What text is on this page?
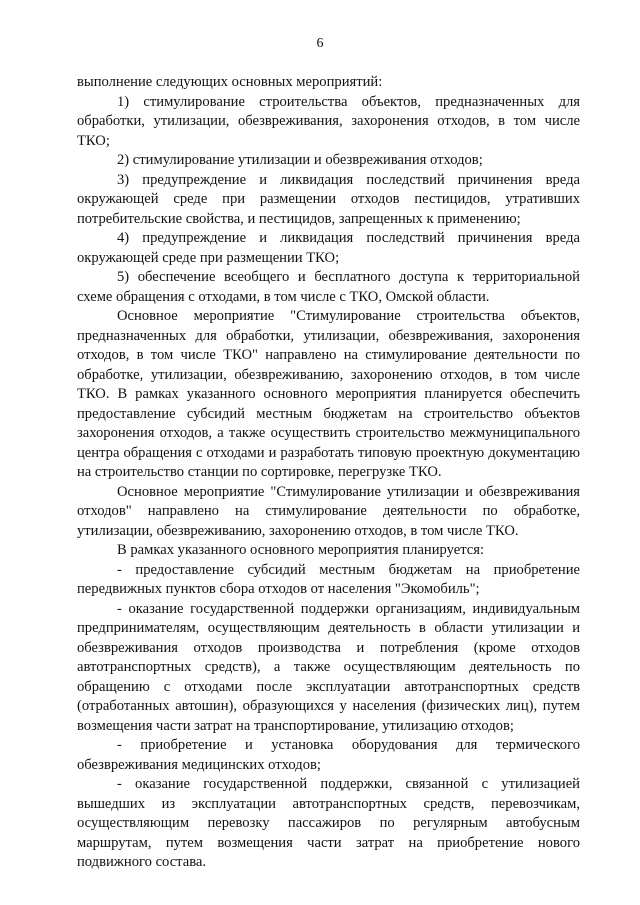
6

выполнение следующих основных мероприятий:

1) стимулирование строительства объектов, предназначенных для обработки, утилизации, обезвреживания, захоронения отходов, в том числе ТКО;

2) стимулирование утилизации и обезвреживания отходов;

3) предупреждение и ликвидация последствий причинения вреда окружающей среде при размещении отходов пестицидов, утративших потребительские свойства, и пестицидов, запрещенных к применению;

4) предупреждение и ликвидация последствий причинения вреда окружающей среде при размещении ТКО;

5) обеспечение всеобщего и бесплатного доступа к территориальной схеме обращения с отходами, в том числе с ТКО, Омской области.

Основное мероприятие "Стимулирование строительства объектов, предназначенных для обработки, утилизации, обезвреживания, захоронения отходов, в том числе ТКО" направлено на стимулирование деятельности по обработке, утилизации, обезвреживанию, захоронению отходов, в том числе ТКО. В рамках указанного основного мероприятия планируется обеспечить предоставление субсидий местным бюджетам на строительство объектов захоронения отходов, а также осуществить строительство межмуниципального центра обращения с отходами и разработать типовую проектную документацию на строительство станции по сортировке, перегрузке ТКО.

Основное мероприятие "Стимулирование утилизации и обезвреживания отходов" направлено на стимулирование деятельности по обработке, утилизации, обезвреживанию, захоронению отходов, в том числе ТКО.

В рамках указанного основного мероприятия планируется:

- предоставление субсидий местным бюджетам на приобретение передвижных пунктов сбора отходов от населения "Экомобиль";

- оказание государственной поддержки организациям, индивидуальным предпринимателям, осуществляющим деятельность в области утилизации и обезвреживания отходов производства и потребления (кроме отходов автотранспортных средств), а также осуществляющим деятельность по обращению с отходами после эксплуатации автотранспортных средств (отработанных автошин), образующихся у населения (физических лиц), путем возмещения части затрат на транспортирование, утилизацию отходов;

- приобретение и установка оборудования для термического обезвреживания медицинских отходов;

- оказание государственной поддержки, связанной с утилизацией вышедших из эксплуатации автотранспортных средств, перевозчикам, осуществляющим перевозку пассажиров по регулярным автобусным маршрутам, путем возмещения части затрат на приобретение нового подвижного состава.
